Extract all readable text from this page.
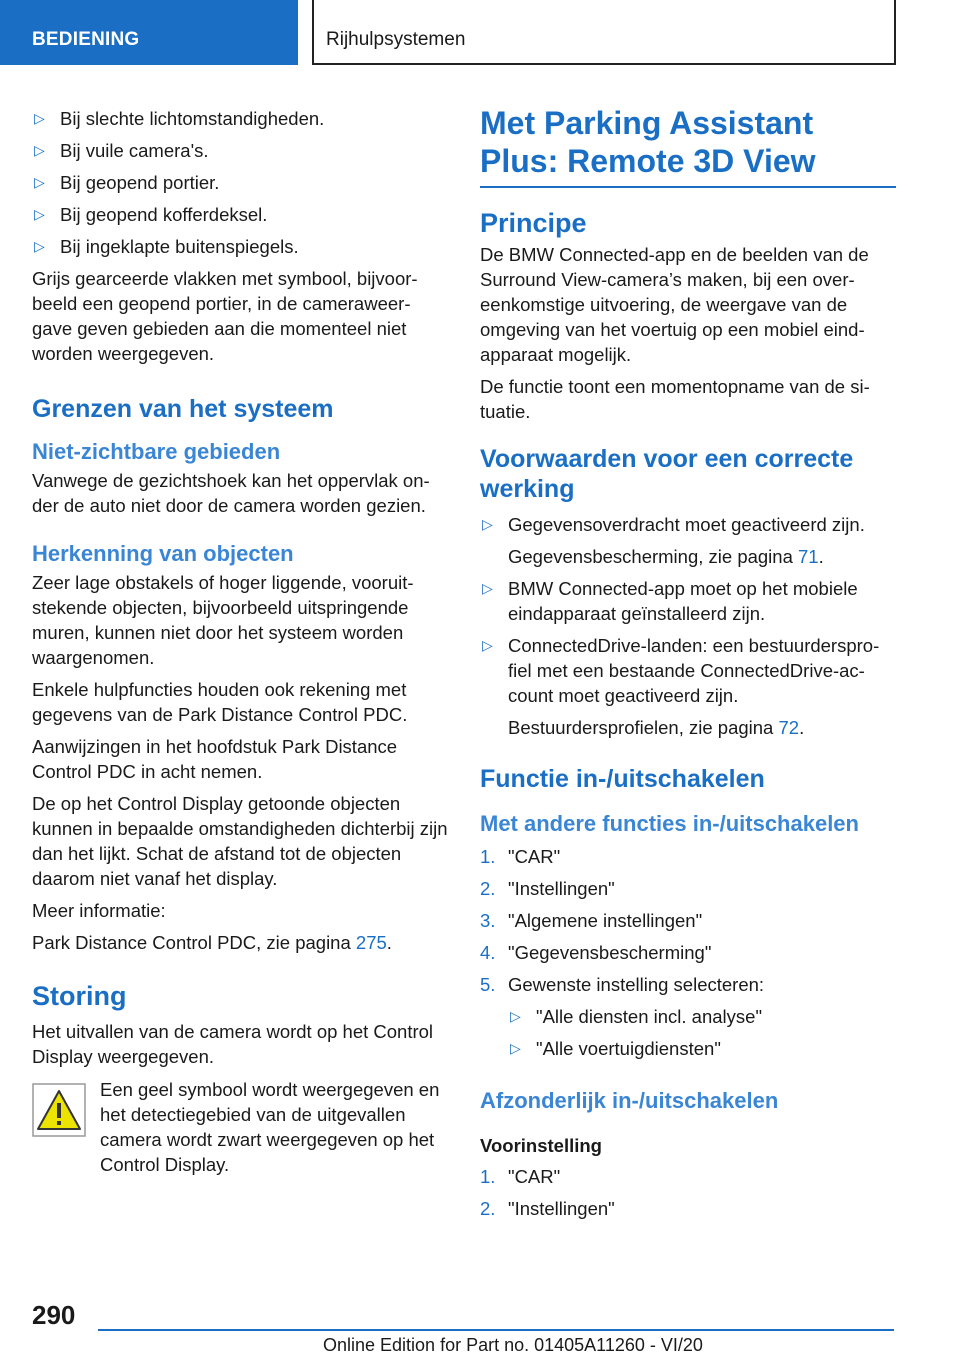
BEDIENING	Rijhulpsystemen
▷ Bij slechte lichtomstandigheden.
▷ Bij vuile camera's.
▷ Bij geopend portier.
▷ Bij geopend kofferdeksel.
▷ Bij ingeklapte buitenspiegels.
Grijs gearceerde vlakken met symbool, bijvoor-beeld een geopend portier, in de cameraweer-gave geven gebieden aan die momenteel niet worden weergegeven.
Grenzen van het systeem
Niet-zichtbare gebieden
Vanwege de gezichtshoek kan het oppervlak on-der de auto niet door de camera worden gezien.
Herkenning van objecten
Zeer lage obstakels of hoger liggende, vooruit-stekende objecten, bijvoorbeeld uitspringende muren, kunnen niet door het systeem worden waargenomen.
Enkele hulpfuncties houden ook rekening met gegevens van de Park Distance Control PDC.
Aanwijzingen in het hoofdstuk Park Distance Control PDC in acht nemen.
De op het Control Display getoonde objecten kunnen in bepaalde omstandigheden dichterbij zijn dan het lijkt. Schat de afstand tot de objecten daarom niet vanaf het display.
Meer informatie:
Park Distance Control PDC, zie pagina 275.
Storing
Het uitvallen van de camera wordt op het Control Display weergegeven.
Een geel symbool wordt weergegeven en het detectiegebied van de uitgevallen camera wordt zwart weergegeven op het Control Display.
Met Parking Assistant Plus: Remote 3D View
Principe
De BMW Connected-app en de beelden van de Surround View-camera’s maken, bij een over-eenkomstige uitvoering, de weergave van de omgeving van het voertuig op een mobiel eind-apparaat mogelijk.
De functie toont een momentopname van de si-tuatie.
Voorwaarden voor een correcte werking
▷ Gegevensoverdracht moet geactiveerd zijn.
Gegevensbescherming, zie pagina 71.
▷ BMW Connected-app moet op het mobiele eindapparaat geïnstalleerd zijn.
▷ ConnectedDrive-landen: een bestuurderspro-fiel met een bestaande ConnectedDrive-ac-count moet geactiveerd zijn.
Bestuurdersprofielen, zie pagina 72.
Functie in-/uitschakelen
Met andere functies in-/uitschakelen
1. "CAR"
2. "Instellingen"
3. "Algemene instellingen"
4. "Gegevensbescherming"
5. Gewenste instelling selecteren:
▷ "Alle diensten incl. analyse"
▷ "Alle voertuigdiensten"
Afzonderlijk in-/uitschakelen
Voorinstelling
1. "CAR"
2. "Instellingen"
290
Online Edition for Part no. 01405A11260 - VI/20
